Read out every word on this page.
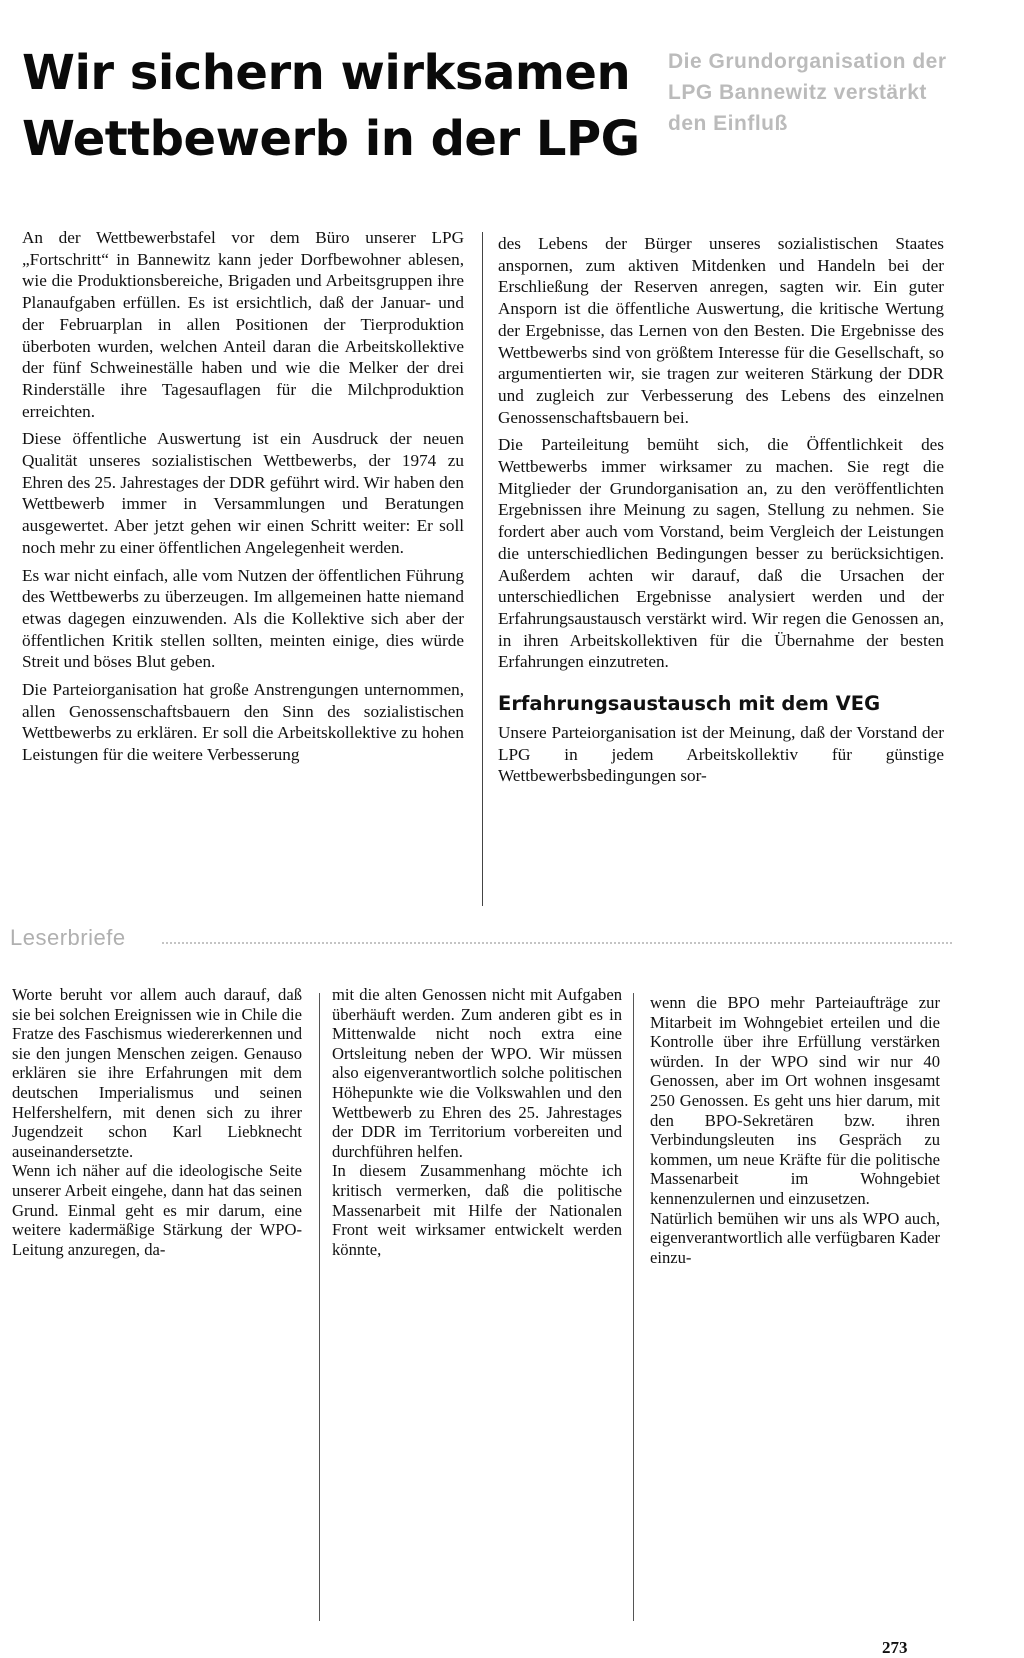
Wir sichern wirksamen
Wettbewerb in der LPG
Die Grundorganisation der LPG Bannewitz verstärkt den Einfluß

An der Wettbewerbstafel vor dem Büro unserer LPG „Fortschritt“ in Bannewitz kann jeder Dorfbewohner ablesen, wie die Produktionsbereiche, Brigaden und Arbeitsgruppen ihre Planaufgaben erfüllen. Es ist ersichtlich, daß der Januar- und der Februarplan in allen Positionen der Tierproduktion überboten wurden, welchen Anteil daran die Arbeitskollektive der fünf Schweineställe haben und wie die Melker der drei Rinderställe ihre Tagesauflagen für die Milchproduktion erreichten.

Diese öffentliche Auswertung ist ein Ausdruck der neuen Qualität unseres sozialistischen Wettbewerbs, der 1974 zu Ehren des 25. Jahrestages der DDR geführt wird. Wir haben den Wettbewerb immer in Versammlungen und Beratungen ausgewertet. Aber jetzt gehen wir einen Schritt weiter: Er soll noch mehr zu einer öffentlichen Angelegenheit werden.

Es war nicht einfach, alle vom Nutzen der öffentlichen Führung des Wettbewerbs zu überzeugen. Im allgemeinen hatte niemand etwas dagegen einzuwenden. Als die Kollektive sich aber der öffentlichen Kritik stellen sollten, meinten einige, dies würde Streit und böses Blut geben.

Die Parteiorganisation hat große Anstrengungen unternommen, allen Genossenschaftsbauern den Sinn des sozialistischen Wettbewerbs zu erklären. Er soll die Arbeitskollektive zu hohen Leistungen für die weitere Verbesserung

des Lebens der Bürger unseres sozialistischen Staates anspornen, zum aktiven Mitdenken und Handeln bei der Erschließung der Reserven anregen, sagten wir. Ein guter Ansporn ist die öffentliche Auswertung, die kritische Wertung der Ergebnisse, das Lernen von den Besten. Die Ergebnisse des Wettbewerbs sind von größtem Interesse für die Gesellschaft, so argumentierten wir, sie tragen zur weiteren Stärkung der DDR und zugleich zur Verbesserung des Lebens des einzelnen Genossenschaftsbauern bei.

Die Parteileitung bemüht sich, die Öffentlichkeit des Wettbewerbs immer wirksamer zu machen. Sie regt die Mitglieder der Grundorganisation an, zu den veröffentlichten Ergebnissen ihre Meinung zu sagen, Stellung zu nehmen. Sie fordert aber auch vom Vorstand, beim Vergleich der Leistungen die unterschiedlichen Bedingungen besser zu berücksichtigen. Außerdem achten wir darauf, daß die Ursachen der unterschiedlichen Ergebnisse analysiert werden und der Erfahrungsaustausch verstärkt wird. Wir regen die Genossen an, in ihren Arbeitskollektiven für die Übernahme der besten Erfahrungen einzutreten.

Erfahrungsaustausch mit dem VEG

Unsere Parteiorganisation ist der Meinung, daß der Vorstand der LPG in jedem Arbeitskollektiv für günstige Wettbewerbsbedingungen sor-

Leserbriefe

Worte beruht vor allem auch darauf, daß sie bei solchen Ereignissen wie in Chile die Fratze des Faschismus wiedererkennen und sie den jungen Menschen zeigen. Genauso erklären sie ihre Erfahrungen mit dem deutschen Imperialismus und seinen Helfershelfern, mit denen sich zu ihrer Jugendzeit schon Karl Liebknecht auseinandersetzte.

Wenn ich näher auf die ideologische Seite unserer Arbeit eingehe, dann hat das seinen Grund. Einmal geht es mir darum, eine weitere kadermäßige Stärkung der WPO-Leitung anzuregen, da-

mit die alten Genossen nicht mit Aufgaben überhäuft werden. Zum anderen gibt es in Mittenwalde nicht noch extra eine Ortsleitung neben der WPO. Wir müssen also eigenverantwortlich solche politischen Höhepunkte wie die Volkswahlen und den Wettbewerb zu Ehren des 25. Jahrestages der DDR im Territorium vorbereiten und durchführen helfen.

In diesem Zusammenhang möchte ich kritisch vermerken, daß die politische Massenarbeit mit Hilfe der Nationalen Front weit wirksamer entwickelt werden könnte,

wenn die BPO mehr Parteiaufträge zur Mitarbeit im Wohngebiet erteilen und die Kontrolle über ihre Erfüllung verstärken würden. In der WPO sind wir nur 40 Genossen, aber im Ort wohnen insgesamt 250 Genossen. Es geht uns hier darum, mit den BPO-Sekretären bzw. ihren Verbindungsleuten ins Gespräch zu kommen, um neue Kräfte für die politische Massenarbeit im Wohngebiet kennenzulernen und einzusetzen.

Natürlich bemühen wir uns als WPO auch, eigenverantwortlich alle verfügbaren Kader einzu-

273
